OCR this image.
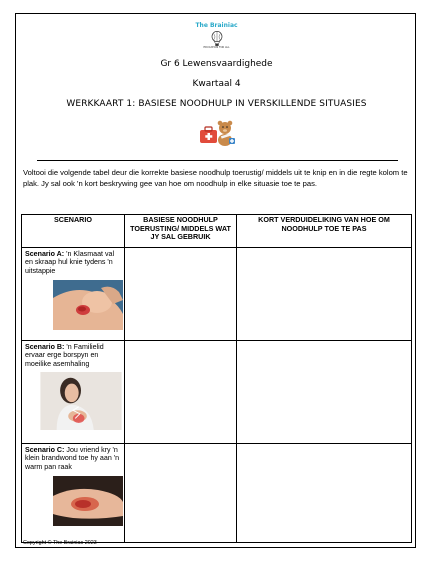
The Brainiac
EDUCATION FOR ALL
Gr 6 Lewensvaardighede
Kwartaal 4
WERKKAART 1: BASIESE NOODHULP IN VERSKILLENDE SITUASIES
Voltooi die volgende tabel deur die korrekte basiese noodhulp toerustig/ middels uit te knip en in die regte kolom te plak. Jy sal ook 'n kort beskrywing gee van hoe om noodhulp in elke situasie toe te pas.
SCENARIO	BASIESE NOODHULP TOERUSTING/ MIDDELS WAT JY SAL GEBRUIK	KORT VERDUIDELIKING VAN HOE OM NOODHULP TOE TE PAS

Scenario A: 'n Klasmaat val en skraap hul knie tydens 'n uitstappie		

Scenario B: 'n Familielid ervaar erge borspyn en moeilike asemhaling		

Scenario C: Jou vriend kry 'n klein brandwond toe hy aan 'n warm pan raak		

Copyright © The Brainiac 2023
